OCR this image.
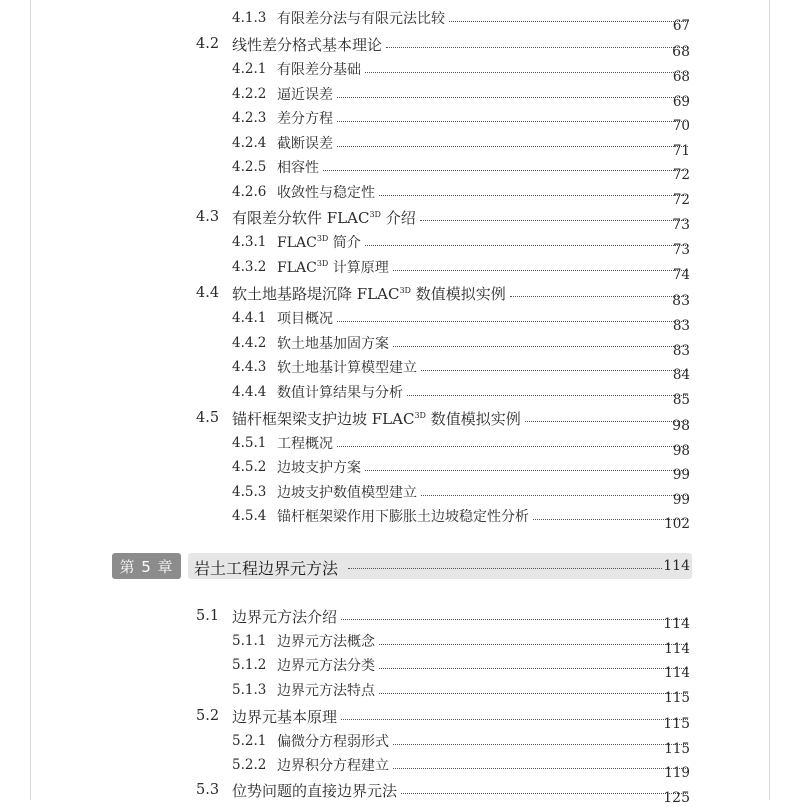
4.1.3 有限差分法与有限元法比较	67
4.2 线性差分格式基本理论	68
4.2.1 有限差分基础	68
4.2.2 逼近误差	69
4.2.3 差分方程	70
4.2.4 截断误差	71
4.2.5 相容性	72
4.2.6 收敛性与稳定性	72
4.3 有限差分软件 $FLAC^{3D}$ 介绍	73
4.3.1 $FLAC^{3D}$ 简介	73
4.3.2 $FLAC^{3D}$ 计算原理	74
4.4 软土地基路堤沉降 $FLAC^{3D}$ 数值模拟实例	83
4.4.1 项目概况	83
4.4.2 软土地基加固方案	83
4.4.3 软土地基计算模型建立	84
4.4.4 数值计算结果与分析	85
4.5 锚杆框架梁支护边坡 $FLAC^{3D}$ 数值模拟实例	98
4.5.1 工程概况	98
4.5.2 边坡支护方案	99
4.5.3 边坡支护数值模型建立	99
4.5.4 锚杆框架梁作用下膨胀土边坡稳定性分析	102
第 5 章	岩土工程边界元方法	114
5.1 边界元方法介绍	114
5.1.1 边界元方法概念	114
5.1.2 边界元方法分类	114
5.1.3 边界元方法特点	115
5.2 边界元基本原理	115
5.2.1 偏微分方程弱形式	115
5.2.2 边界积分方程建立	119
5.3 位势问题的直接边界元法	125
